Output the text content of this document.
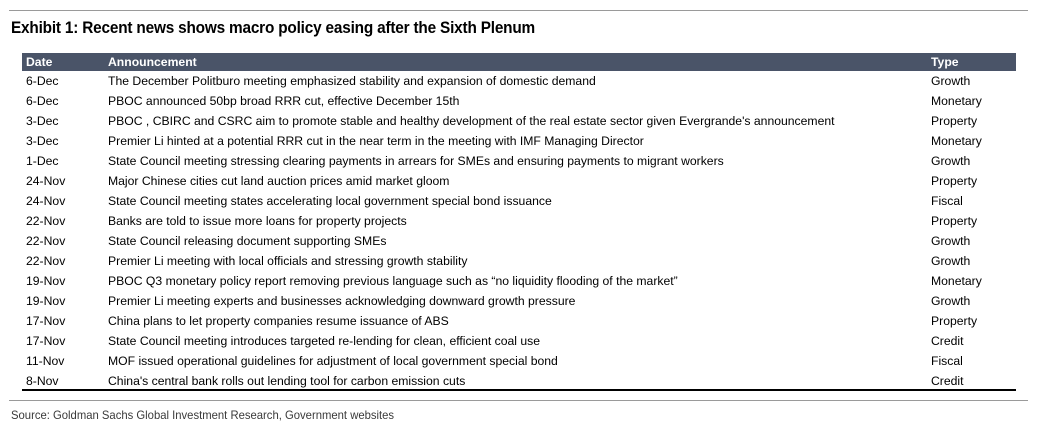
Exhibit 1: Recent news shows macro policy easing after the Sixth Plenum
Date	Announcement	Type
6-Dec	The December Politburo meeting emphasized stability and expansion of domestic demand	Growth
6-Dec	PBOC announced 50bp broad RRR cut, effective December 15th	Monetary
3-Dec	PBOC , CBIRC and CSRC aim to promote stable and healthy development of the real estate sector given Evergrande's announcement	Property
3-Dec	Premier Li hinted at a potential RRR cut in the near term in the meeting with IMF Managing Director	Monetary
1-Dec	State Council meeting stressing clearing payments in arrears for SMEs and ensuring payments to migrant workers	Growth
24-Nov	Major Chinese cities cut land auction prices amid market gloom	Property
24-Nov	State Council meeting states accelerating local government special bond issuance	Fiscal
22-Nov	Banks are told to issue more loans for property projects	Property
22-Nov	State Council releasing document supporting SMEs	Growth
22-Nov	Premier Li meeting with local officials and stressing growth stability	Growth
19-Nov	PBOC Q3 monetary policy report removing previous language such as “no liquidity flooding of the market”	Monetary
19-Nov	Premier Li meeting experts and businesses acknowledging downward growth pressure	Growth
17-Nov	China plans to let property companies resume issuance of ABS	Property
17-Nov	State Council meeting introduces targeted re-lending for clean, efficient coal use	Credit
11-Nov	MOF issued operational guidelines for adjustment of local government special bond	Fiscal
8-Nov	China's central bank rolls out lending tool for carbon emission cuts	Credit
Source: Goldman Sachs Global Investment Research, Government websites
